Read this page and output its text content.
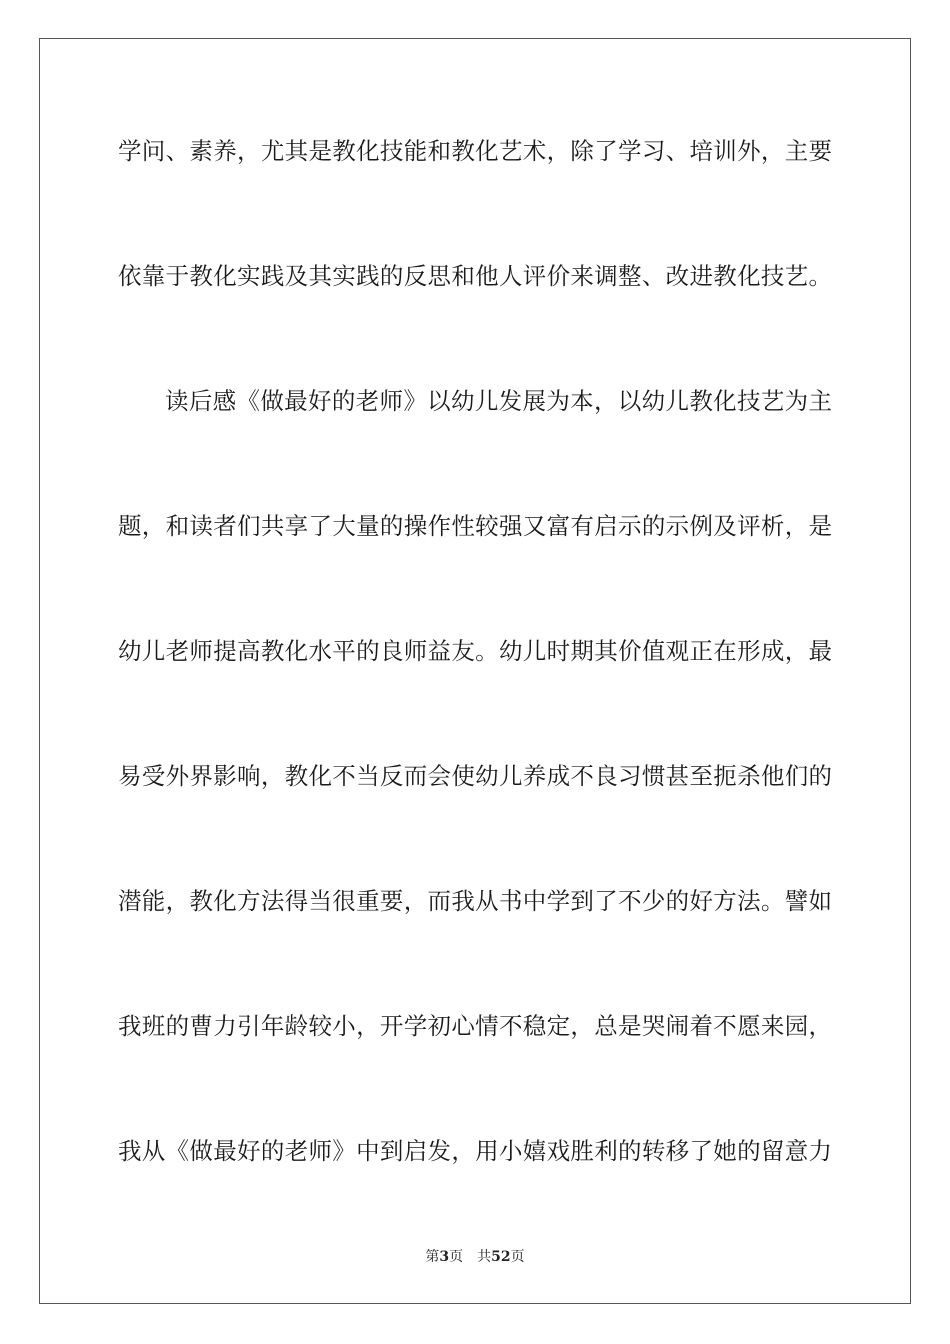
学问、素养，尤其是教化技能和教化艺术，除了学习、培训外，主要
依靠于教化实践及其实践的反思和他人评价来调整、改进教化技艺。
读后感《做最好的老师》以幼儿发展为本，以幼儿教化技艺为主
题，和读者们共享了大量的操作性较强又富有启示的示例及评析，是
幼儿老师提高教化水平的良师益友。幼儿时期其价值观正在形成，最
易受外界影响，教化不当反而会使幼儿养成不良习惯甚至扼杀他们的
潜能，教化方法得当很重要，而我从书中学到了不少的好方法。譬如
我班的曹力引年龄较小，开学初心情不稳定，总是哭闹着不愿来园，
我从《做最好的老师》中到启发，用小嬉戏胜利的转移了她的留意力
第3页 共52页
